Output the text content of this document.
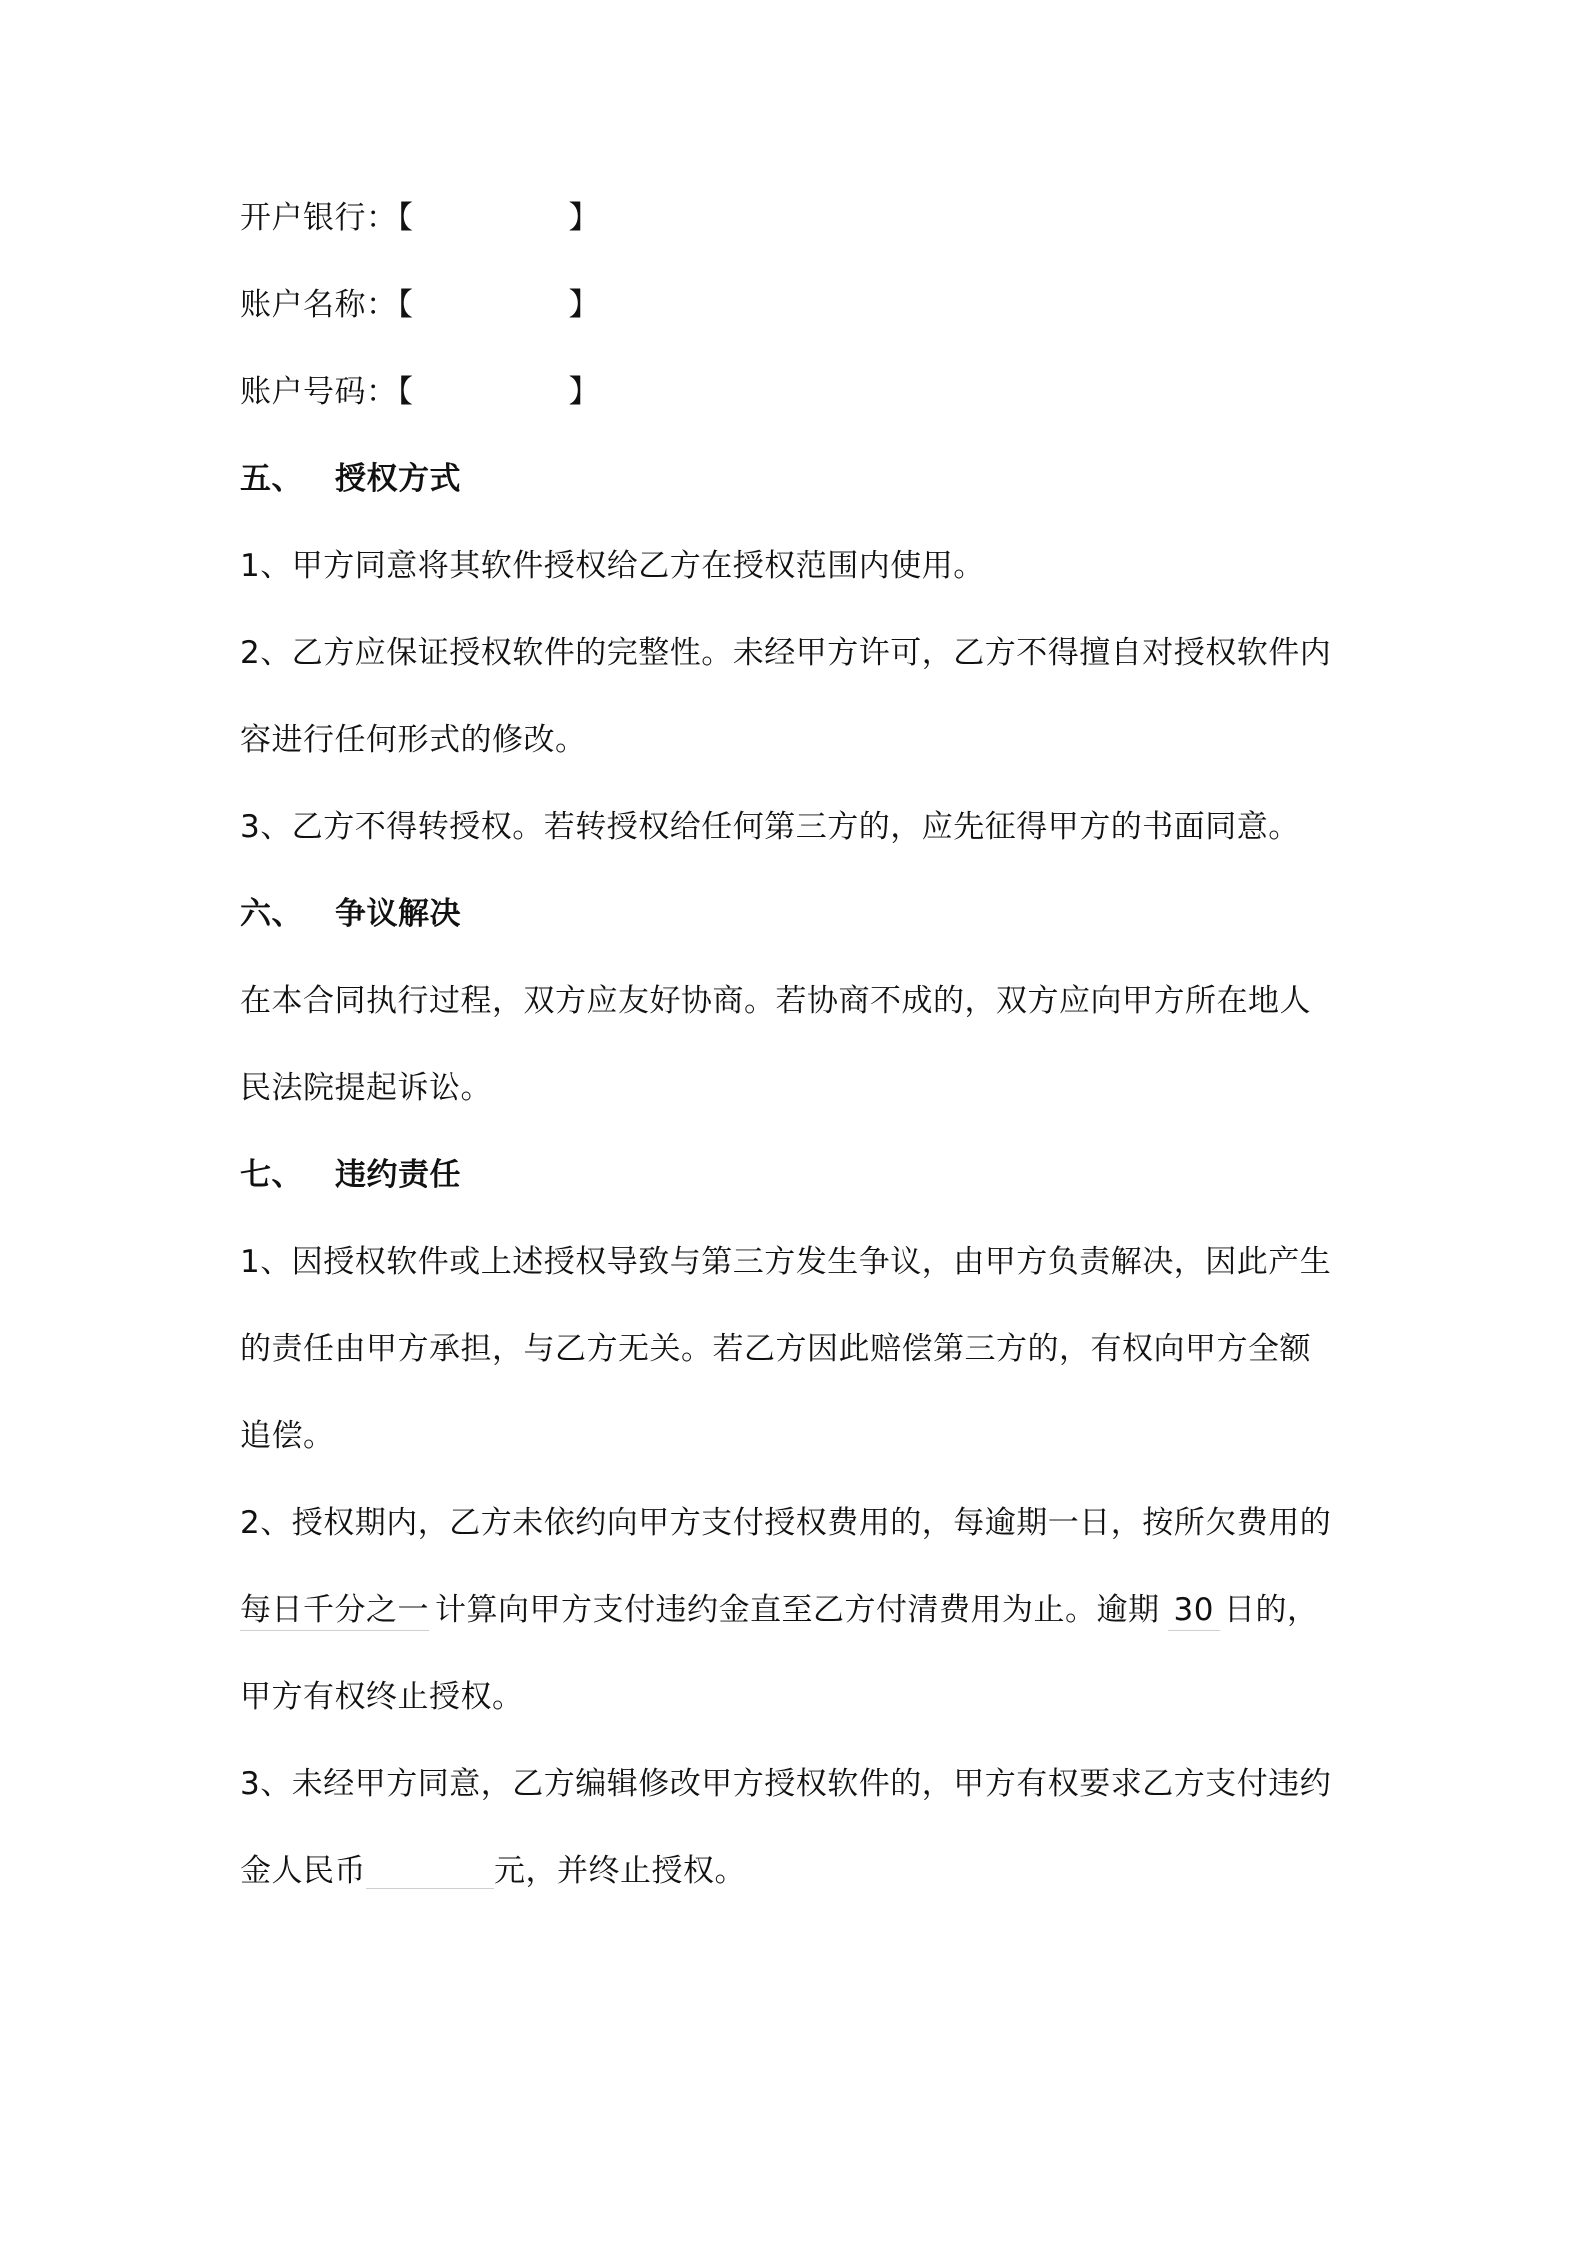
开户银行：【	】
账户名称：【	】
账户号码：【	】
五、 授权方式
1、甲方同意将其软件授权给乙方在授权范围内使用。
2、乙方应保证授权软件的完整性。未经甲方许可，乙方不得擅自对授权软件内
容进行任何形式的修改。
3、乙方不得转授权。若转授权给任何第三方的，应先征得甲方的书面同意。
六、 争议解决
在本合同执行过程，双方应友好协商。若协商不成的，双方应向甲方所在地人
民法院提起诉讼。
七、 违约责任
1、因授权软件或上述授权导致与第三方发生争议，由甲方负责解决，因此产生
的责任由甲方承担，与乙方无关。若乙方因此赔偿第三方的，有权向甲方全额
追偿。
2、授权期内，乙方未依约向甲方支付授权费用的，每逾期一日，按所欠费用的
每日千分之一 计算向甲方支付违约金直至乙方付清费用为止。逾期 30 日的，
甲方有权终止授权。
3、未经甲方同意，乙方编辑修改甲方授权软件的，甲方有权要求乙方支付违约
金人民币	元，并终止授权。
